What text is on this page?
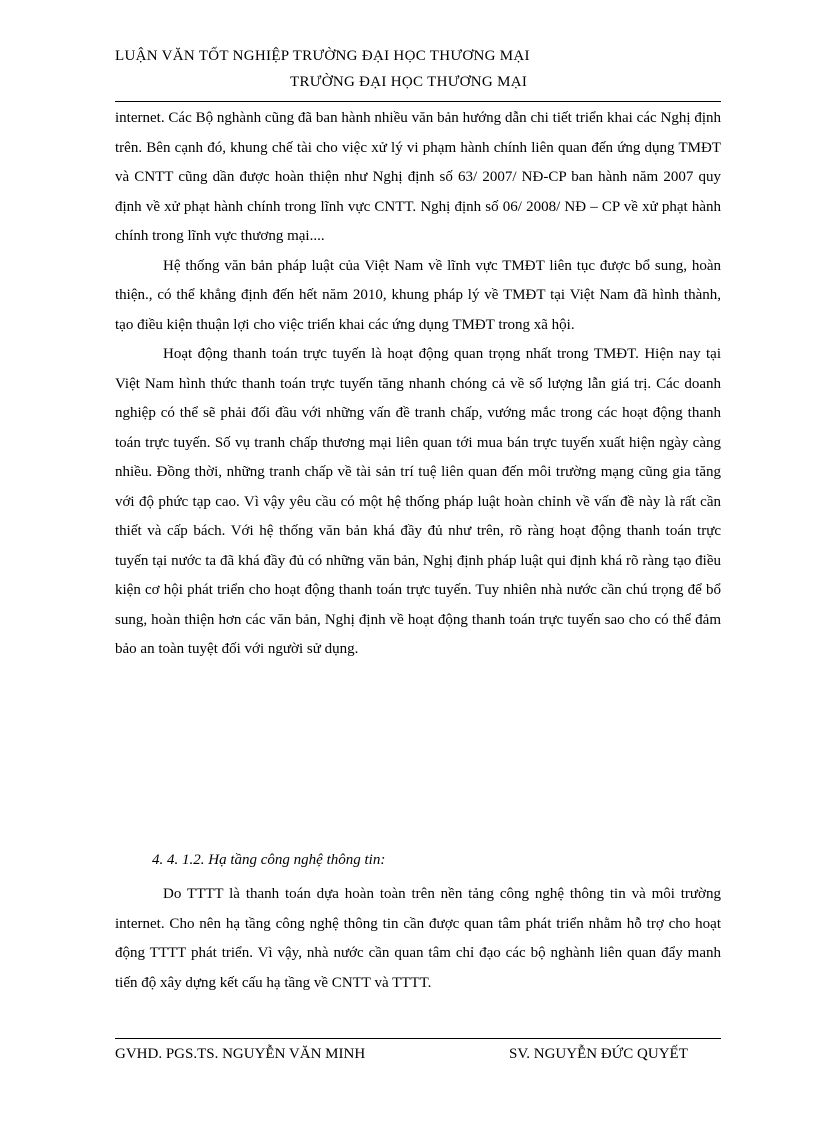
LUẬN VĂN TỐT NGHIỆP TRƯỜNG ĐẠI HỌC THƯƠNG MẠI
TRƯỜNG ĐẠI HỌC THƯƠNG MẠI

internet. Các Bộ nghành cũng đã ban hành nhiều văn bản hướng dẫn chi tiết triển khai các Nghị định trên. Bên cạnh đó, khung chế tài cho việc xử lý vi phạm hành chính liên quan đến ứng dụng TMĐT và CNTT cũng dần được hoàn thiện như Nghị định số 63/ 2007/ NĐ-CP ban hành năm 2007 quy định về xử phạt hành chính trong lĩnh vực CNTT. Nghị định số 06/ 2008/ NĐ – CP về xử phạt hành chính trong lĩnh vực thương mại....

Hệ thống văn bản pháp luật của Việt Nam về lĩnh vực TMĐT liên tục được bổ sung, hoàn thiện., có thể khẳng định đến hết năm 2010, khung pháp lý về TMĐT tại Việt Nam đã hình thành, tạo điều kiện thuận lợi cho việc triển khai các ứng dụng TMĐT trong xã hội.

Hoạt động thanh toán trực tuyến là hoạt động quan trọng nhất trong TMĐT. Hiện nay tại Việt Nam hình thức thanh toán trực tuyến tăng nhanh chóng cả về số lượng lẫn giá trị. Các doanh nghiệp có thể sẽ phải đối đầu với những vấn đề tranh chấp, vướng mắc trong các hoạt động thanh toán trực tuyến. Số vụ tranh chấp thương mại liên quan tới mua bán trực tuyến xuất hiện ngày càng nhiều. Đồng thời, những tranh chấp về tài sản trí tuệ liên quan đến môi trường mạng cũng gia tăng với độ phức tạp cao. Vì vậy yêu cầu có một hệ thống pháp luật hoàn chỉnh về vấn đề này là rất cần thiết và cấp bách. Với hệ thống văn bản khá đầy đủ như trên, rõ ràng hoạt động thanh toán trực tuyến tại nước ta đã khá đầy đủ có những văn bản, Nghị định pháp luật qui định khá rõ ràng tạo điều kiện cơ hội phát triển cho hoạt động thanh toán trực tuyến. Tuy nhiên nhà nước cần chú trọng để bổ sung, hoàn thiện hơn các văn bản, Nghị định về hoạt động thanh toán trực tuyến sao cho có thể đảm bảo an toàn tuyệt đối với người sử dụng.

4. 4. 1.2. Hạ tầng công nghệ thông tin:

Do TTTT là thanh toán dựa hoàn toàn trên nền tảng công nghệ thông tin và môi trường internet. Cho nên hạ tầng công nghệ thông tin cần được quan tâm phát triển nhằm hỗ trợ cho hoạt động TTTT phát triển. Vì vậy, nhà nước cần quan tâm chỉ đạo các bộ nghành liên quan đẩy manh tiến độ xây dựng kết cấu hạ tầng về CNTT và TTTT.

GVHD. PGS.TS. NGUYỄN VĂN MINH	SV. NGUYỄN ĐỨC QUYẾT
